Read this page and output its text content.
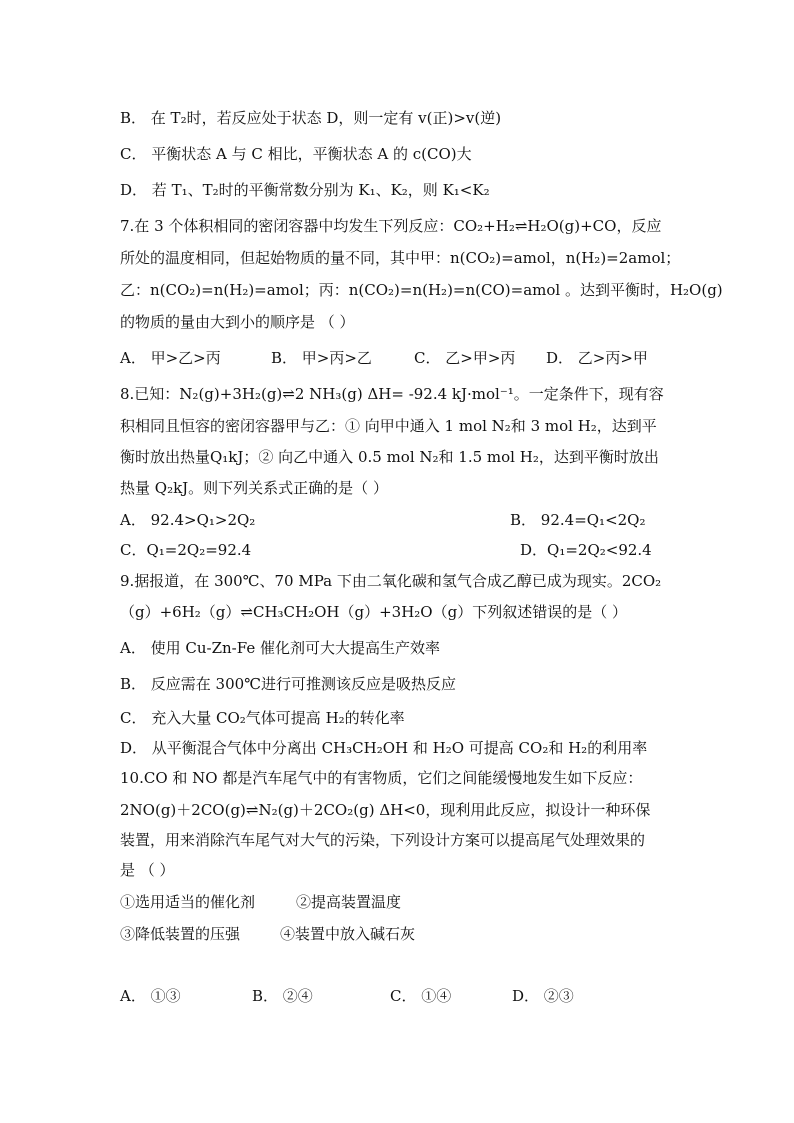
B． 在 T₂时，若反应处于状态 D，则一定有 v(正)>v(逆)
C． 平衡状态 A 与 C 相比，平衡状态 A 的 c(CO)大
D． 若 T₁、T₂时的平衡常数分别为 K₁、K₂，则 K₁<K₂
7.在 3 个体积相同的密闭容器中均发生下列反应：CO₂+H₂⇌H₂O(g)+CO，反应
所处的温度相同，但起始物质的量不同，其中甲：n(CO₂)=amol，n(H₂)=2amol；
乙：n(CO₂)=n(H₂)=amol；丙：n(CO₂)=n(H₂)=n(CO)=amol 。达到平衡时，H₂O(g)
的物质的量由大到小的顺序是 （ ）
A． 甲>乙>丙	B． 甲>丙>乙	C． 乙>甲>丙 D． 乙>丙>甲
8.已知：N₂(g)+3H₂(g)⇌2 NH₃(g) ΔH= -92.4 kJ·mol⁻¹。一定条件下，现有容
积相同且恒容的密闭容器甲与乙：① 向甲中通入 1 mol N₂和 3 mol H₂，达到平
衡时放出热量Q₁kJ；② 向乙中通入 0.5 mol N₂和 1.5 mol H₂，达到平衡时放出
热量 Q₂kJ。则下列关系式正确的是（ ）
A． 92.4>Q₁>2Q₂	B． 92.4=Q₁<2Q₂
C．Q₁=2Q₂=92.4	D．Q₁=2Q₂<92.4
9.据报道，在 300℃、70 MPa 下由二氧化碳和氢气合成乙醇已成为现实。2CO₂
（g）+6H₂（g）⇌CH₃CH₂OH（g）+3H₂O（g）下列叙述错误的是（ ）
A． 使用 Cu-Zn-Fe 催化剂可大大提高生产效率
B． 反应需在 300℃进行可推测该反应是吸热反应
C． 充入大量 CO₂气体可提高 H₂的转化率
D． 从平衡混合气体中分离出 CH₃CH₂OH 和 H₂O 可提高 CO₂和 H₂的利用率
10.CO 和 NO 都是汽车尾气中的有害物质，它们之间能缓慢地发生如下反应：
2NO(g)＋2CO(g)⇌N₂(g)＋2CO₂(g) ΔH<0，现利用此反应，拟设计一种环保
装置，用来消除汽车尾气对大气的污染，下列设计方案可以提高尾气处理效果的
是 （ ）
①选用适当的催化剂	②提高装置温度
③降低装置的压强	④装置中放入碱石灰
A． ①③	B． ②④	C． ①④	D． ②③
